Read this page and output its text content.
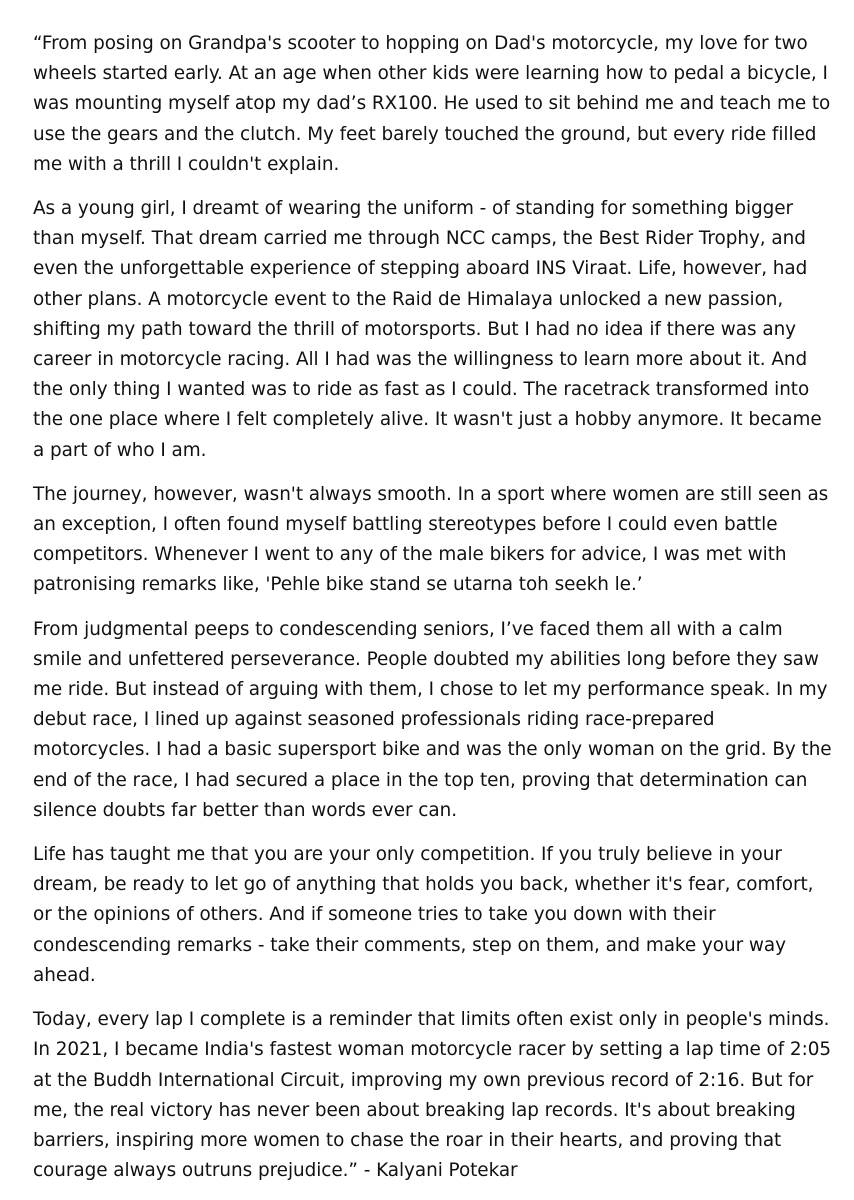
“From posing on Grandpa's scooter to hopping on Dad's motorcycle, my love for two wheels started early. At an age when other kids were learning how to pedal a bicycle, I was mounting myself atop my dad’s RX100. He used to sit behind me and teach me to use the gears and the clutch. My feet barely touched the ground, but every ride filled me with a thrill I couldn't explain.

As a young girl, I dreamt of wearing the uniform - of standing for something bigger than myself. That dream carried me through NCC camps, the Best Rider Trophy, and even the unforgettable experience of stepping aboard INS Viraat. Life, however, had other plans. A motorcycle event to the Raid de Himalaya unlocked a new passion, shifting my path toward the thrill of motorsports. But I had no idea if there was any career in motorcycle racing. All I had was the willingness to learn more about it. And the only thing I wanted was to ride as fast as I could. The racetrack transformed into the one place where I felt completely alive. It wasn't just a hobby anymore. It became a part of who I am.

The journey, however, wasn't always smooth. In a sport where women are still seen as an exception, I often found myself battling stereotypes before I could even battle competitors. Whenever I went to any of the male bikers for advice, I was met with patronising remarks like, 'Pehle bike stand se utarna toh seekh le.’

From judgmental peeps to condescending seniors, I’ve faced them all with a calm smile and unfettered perseverance. People doubted my abilities long before they saw me ride. But instead of arguing with them, I chose to let my performance speak. In my debut race, I lined up against seasoned professionals riding race-prepared motorcycles. I had a basic supersport bike and was the only woman on the grid. By the end of the race, I had secured a place in the top ten, proving that determination can silence doubts far better than words ever can.

Life has taught me that you are your only competition. If you truly believe in your dream, be ready to let go of anything that holds you back, whether it's fear, comfort, or the opinions of others. And if someone tries to take you down with their condescending remarks - take their comments, step on them, and make your way ahead.

Today, every lap I complete is a reminder that limits often exist only in people's minds. In 2021, I became India's fastest woman motorcycle racer by setting a lap time of 2:05 at the Buddh International Circuit, improving my own previous record of 2:16. But for me, the real victory has never been about breaking lap records. It's about breaking barriers, inspiring more women to chase the roar in their hearts, and proving that courage always outruns prejudice.” - Kalyani Potekar
